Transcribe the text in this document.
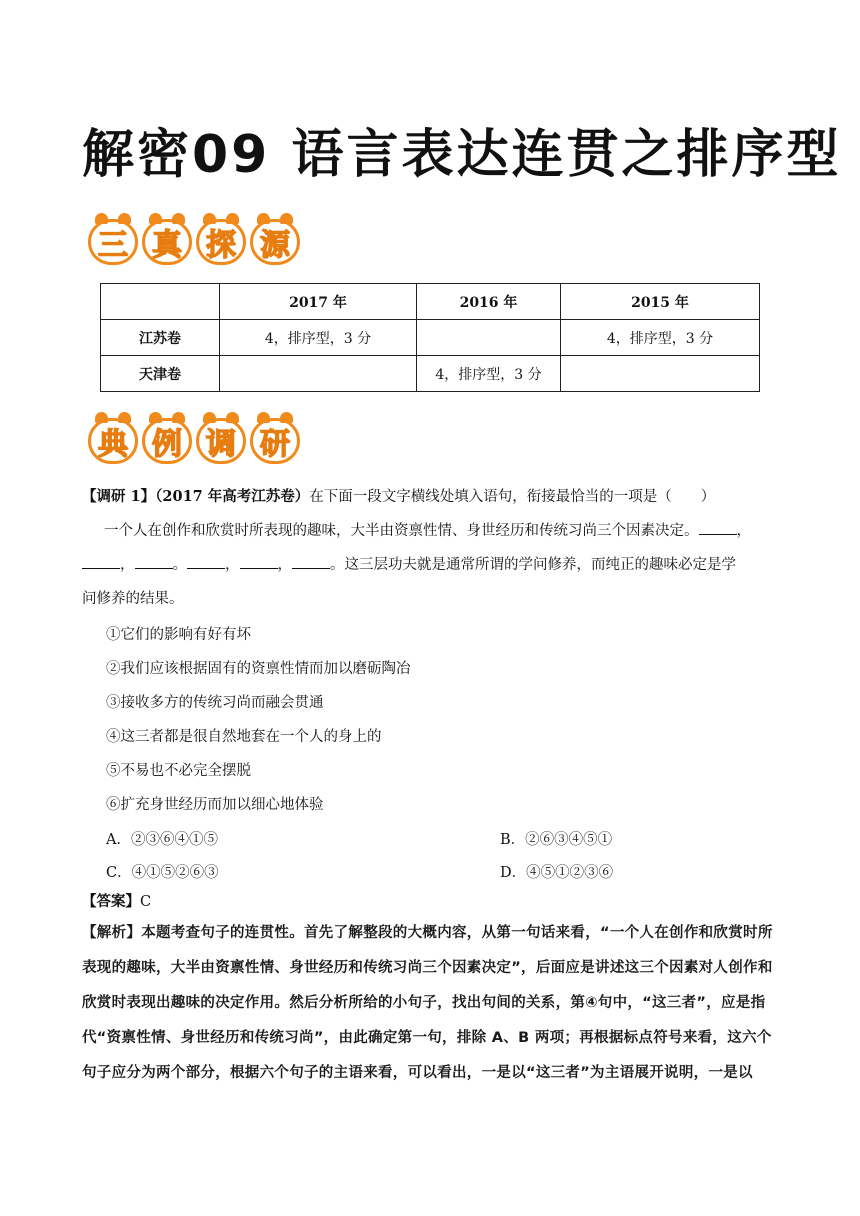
解密09 语言表达连贯之排序型
三 真 探 源
	2017 年	2016 年	2015 年
江苏卷	4，排序型，3 分		4，排序型，3 分
天津卷		4，排序型，3 分	
典 例 调 研
【调研 1】（2017 年高考江苏卷）在下面一段文字横线处填入语句，衔接最恰当的一项是（　　）
一个人在创作和欣赏时所表现的趣味，大半由资禀性情、身世经历和传统习尚三个因素决定。	，
，	。	，	，	。这三层功夫就是通常所谓的学问修养，而纯正的趣味必定是学
问修养的结果。
①它们的影响有好有坏
②我们应该根据固有的资禀性情而加以磨砺陶冶
③接收多方的传统习尚而融会贯通
④这三者都是很自然地套在一个人的身上的
⑤不易也不必完全摆脱
⑥扩充身世经历而加以细心地体验
A．②③⑥④①⑤	B．②⑥③④⑤①
C．④①⑤②⑥③	D．④⑤①②③⑥
【答案】C
【解析】本题考查句子的连贯性。首先了解整段的大概内容，从第一句话来看，“一个人在创作和欣赏时所表现的趣味，大半由资禀性情、身世经历和传统习尚三个因素决定”，后面应是讲述这三个因素对人创作和欣赏时表现出趣味的决定作用。然后分析所给的小句子，找出句间的关系，第④句中，“这三者”，应是指代“资禀性情、身世经历和传统习尚”，由此确定第一句，排除 A、B 两项；再根据标点符号来看，这六个句子应分为两个部分，根据六个句子的主语来看，可以看出，一是以“这三者”为主语展开说明，一是以
